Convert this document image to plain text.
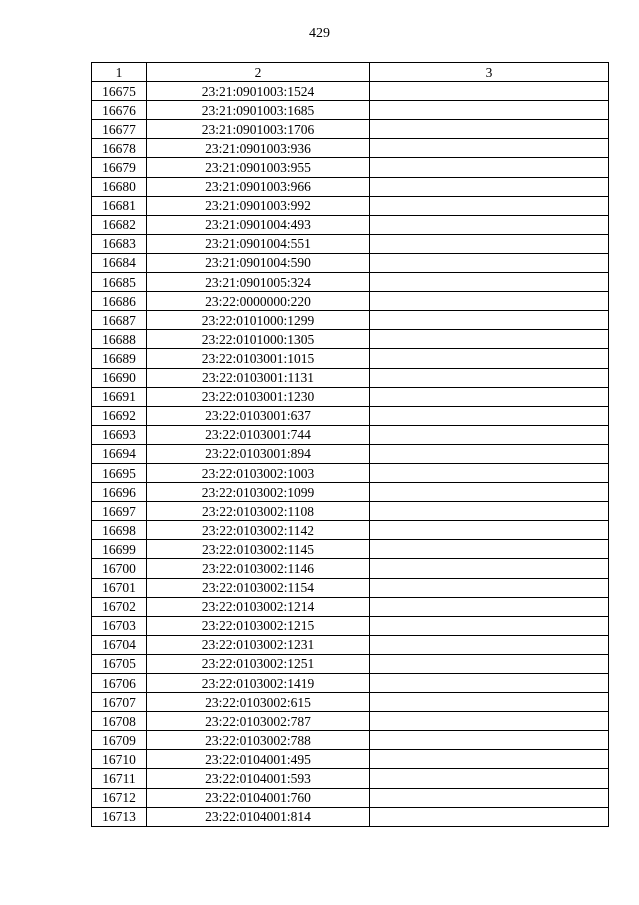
429
1	2	3
16675	23:21:0901003:1524	
16676	23:21:0901003:1685	
16677	23:21:0901003:1706	
16678	23:21:0901003:936	
16679	23:21:0901003:955	
16680	23:21:0901003:966	
16681	23:21:0901003:992	
16682	23:21:0901004:493	
16683	23:21:0901004:551	
16684	23:21:0901004:590	
16685	23:21:0901005:324	
16686	23:22:0000000:220	
16687	23:22:0101000:1299	
16688	23:22:0101000:1305	
16689	23:22:0103001:1015	
16690	23:22:0103001:1131	
16691	23:22:0103001:1230	
16692	23:22:0103001:637	
16693	23:22:0103001:744	
16694	23:22:0103001:894	
16695	23:22:0103002:1003	
16696	23:22:0103002:1099	
16697	23:22:0103002:1108	
16698	23:22:0103002:1142	
16699	23:22:0103002:1145	
16700	23:22:0103002:1146	
16701	23:22:0103002:1154	
16702	23:22:0103002:1214	
16703	23:22:0103002:1215	
16704	23:22:0103002:1231	
16705	23:22:0103002:1251	
16706	23:22:0103002:1419	
16707	23:22:0103002:615	
16708	23:22:0103002:787	
16709	23:22:0103002:788	
16710	23:22:0104001:495	
16711	23:22:0104001:593	
16712	23:22:0104001:760	
16713	23:22:0104001:814	
